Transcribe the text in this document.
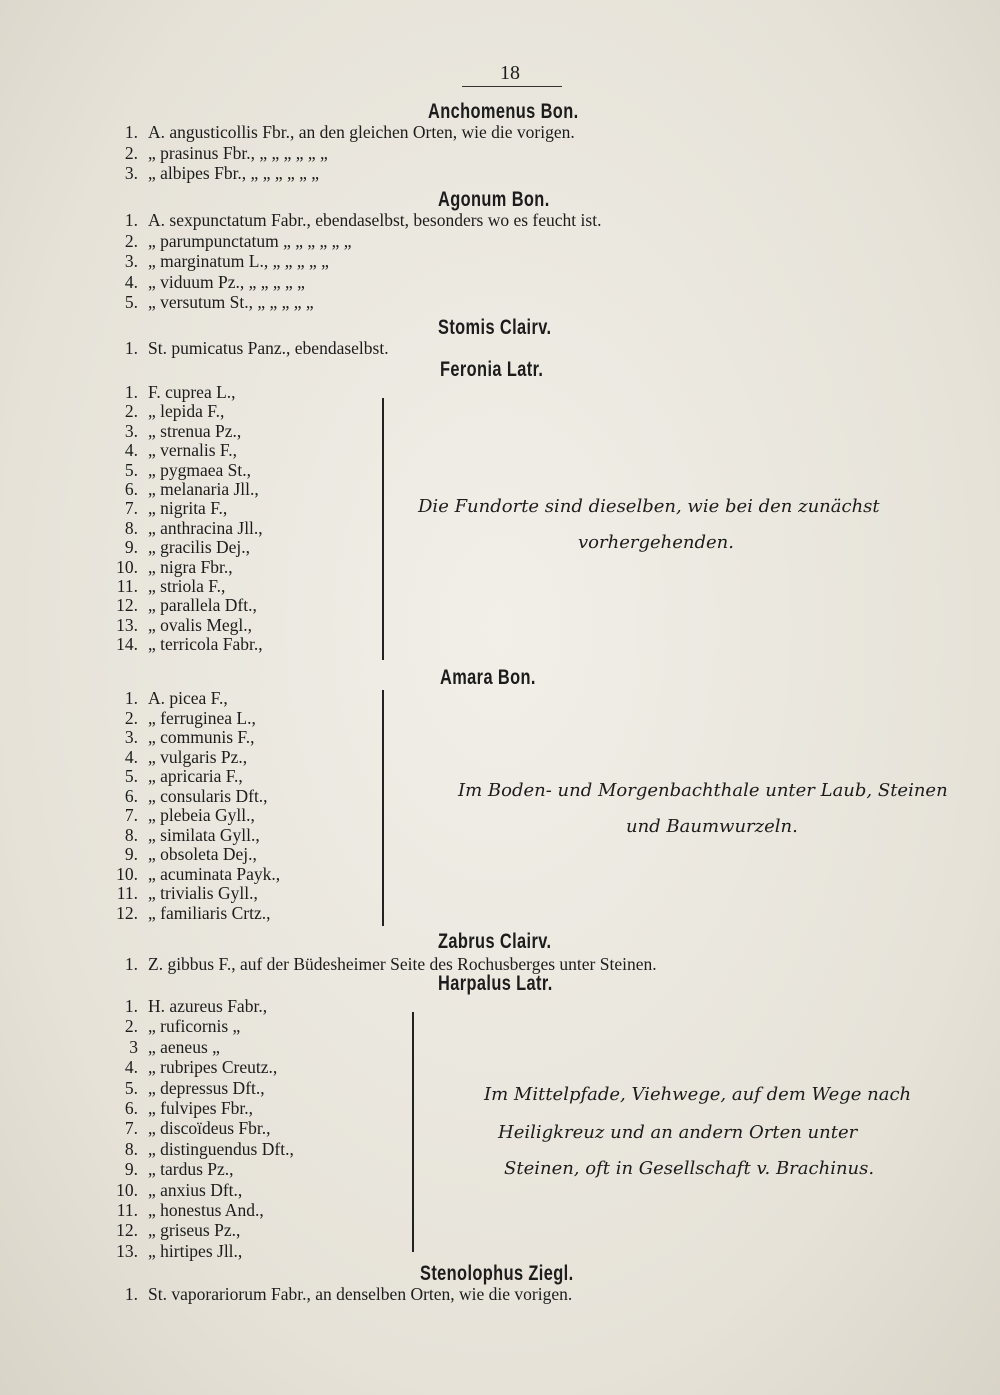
18
Anchomenus Bon.
1. A. angusticollis Fbr., an den gleichen Orten, wie die vorigen.
2. „ prasinus Fbr., „ „ „ „ „ „
3. „ albipes Fbr., „ „ „ „ „ „
Agonum Bon.
1. A. sexpunctatum Fabr., ebendaselbst, besonders wo es feucht ist.
2. „ parumpunctatum „ „ „ „ „ „
3. „ marginatum L., „ „ „ „ „
4. „ viduum Pz., „ „ „ „ „
5. „ versutum St., „ „ „ „ „
Stomis Clairv.
1. St. pumicatus Panz., ebendaselbst.
Feronia Latr.
1. F. cuprea L.,
2. „ lepida F.,
3. „ strenua Pz.,
4. „ vernalis F.,
5. „ pygmaea St.,
6. „ melanaria Jll.,
7. „ nigrita F.,
8. „ anthracina Jll.,
9. „ gracilis Dej.,
10. „ nigra Fbr.,
11. „ striola F.,
12. „ parallela Dft.,
13. „ ovalis Megl.,
14. „ terricola Fabr.,
Die Fundorte sind dieselben, wie bei den zunächst
vorhergehenden.
Amara Bon.
1. A. picea F.,
2. „ ferruginea L.,
3. „ communis F.,
4. „ vulgaris Pz.,
5. „ apricaria F.,
6. „ consularis Dft.,
7. „ plebeia Gyll.,
8. „ similata Gyll.,
9. „ obsoleta Dej.,
10. „ acuminata Payk.,
11. „ trivialis Gyll.,
12. „ familiaris Crtz.,
Im Boden- und Morgenbachthale unter Laub, Steinen
und Baumwurzeln.
Zabrus Clairv.
1. Z. gibbus F., auf der Büdesheimer Seite des Rochusberges unter Steinen.
Harpalus Latr.
1. H. azureus Fabr.,
2. „ ruficornis „
3 „ aeneus „
4. „ rubripes Creutz.,
5. „ depressus Dft.,
6. „ fulvipes Fbr.,
7. „ discoïdeus Fbr.,
8. „ distinguendus Dft.,
9. „ tardus Pz.,
10. „ anxius Dft.,
11. „ honestus And.,
12. „ griseus Pz.,
13. „ hirtipes Jll.,
Im Mittelpfade, Viehwege, auf dem Wege nach
Heiligkreuz und an andern Orten unter
Steinen, oft in Gesellschaft v. Brachinus.
Stenolophus Ziegl.
1. St. vaporariorum Fabr., an denselben Orten, wie die vorigen.
